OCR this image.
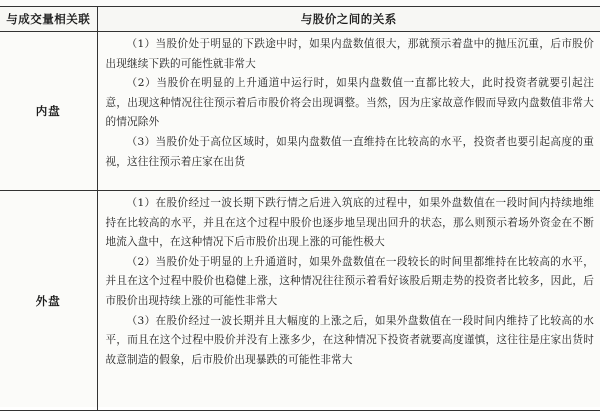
与成交量相关联	与股价之间的关系
内盘	（1）当股价处于明显的下跌途中时，如果内盘数值很大，那就预示着盘中的抛压沉重，后市股价出现继续下跌的可能性就非常大

（2）当股价在明显的上升通道中运行时，如果内盘数值一直都比较大，此时投资者就要引起注意，出现这种情况往往预示着后市股价将会出现调整。当然，因为庄家故意作假而导致内盘数值非常大的情况除外

（3）当股价处于高位区域时，如果内盘数值一直维持在比较高的水平，投资者也要引起高度的重视，这往往预示着庄家在出货

外盘	（1）在股价经过一波长期下跌行情之后进入筑底的过程中，如果外盘数值在一段时间内持续地维持在比较高的水平，并且在这个过程中股价也逐步地呈现出回升的状态，那么则预示着场外资金在不断地流入盘中，在这种情况下后市股价出现上涨的可能性极大

（2）当股价处于明显的上升通道时，如果外盘数值在一段较长的时间里都维持在比较高的水平，并且在这个过程中股价也稳健上涨，这种情况往往预示着看好该股后期走势的投资者比较多，因此，后市股价出现持续上涨的可能性非常大

（3）在股价经过一波长期并且大幅度的上涨之后，如果外盘数值在一段时间内维持了比较高的水平，而且在这个过程中股价并没有上涨多少，在这种情况下投资者就要高度谨慎，这往往是庄家出货时故意制造的假象，后市股价出现暴跌的可能性非常大
